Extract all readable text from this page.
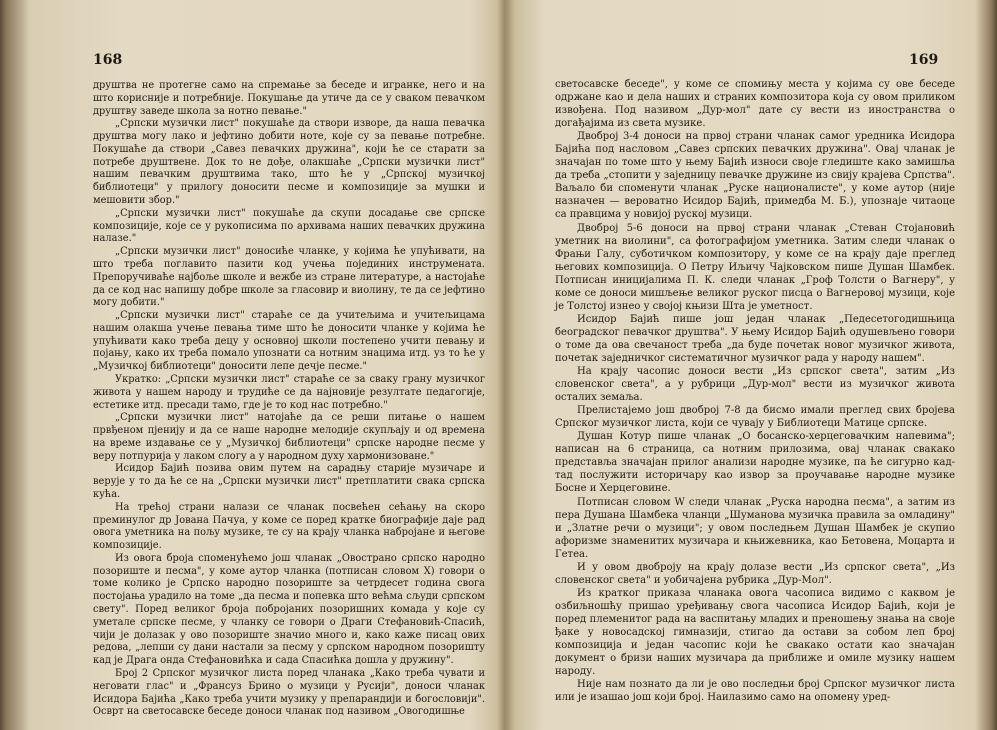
168

друштва не протегне само на спремање за беседе и игранке, него и на што корисније и потребније. Покушање да утиче да се у сваком певачком друштву заведе школа за нотно певање."

„Српски музички лист" покушаће да створи изворе, да наша певачка друштва могу лако и јефтино добити ноте, које су за певање потребне. Покушаће да створи „Савез певачких дружина", који ће се старати за потребе друштвене. Док то не дође, олакшаће „Српски музички лист" нашим певачким друштвима тако, што ће у „Српској музичкој библиотеци" у прилогу доносити песме и композиције за мушки и мешовити збор."

„Српски музички лист" покушаће да скупи досадање све српске композиције, које се у рукописима по архивама наших певачких дружина налазе."

„Српски музички лист" доносиће чланке, у којима ће упућивати, на што треба поглавито пазити код учења појединих инструмената. Препоручиваће најбоље школе и вежбе из стране литературе, а настојаће да се код нас напишу добре школе за гласовир и виолину, те да се јефтино могу добити."

„Српски музички лист" стараће се да учитељима и учитељицама нашим олакша учење певања тиме што ће доносити чланке у којима ће упућивати како треба децу у основној школи постепено учити певању и појању, како их треба помало упознати са нотним знацима итд. уз то ће у „Музичкој библиотеци" доносити лепе дечје песме."

Укратко: „Српски музички лист" стараће се за сваку грану музичког живота у нашем народу и трудиће се да најновије резултате педагогије, естетике итд. пресади тамо, где је то код нас потребно."

„Српски музички лист" натојаће да се реши питање о нашем првђеном пјенију и да се наше народне мелодије скупљају и од времена на време издавање се у „Музичкој библиотеци" српске народне песме у веру потпурија у лаком слогу а у народном духу хармонизоване."

Исидор Бајић позива овим путем на сарадњу старије музичаре и верује у то да ће се на „Српски музички лист" претплатити свака српска кућа.

На трећој страни налази се чланак посвећен сећању на скоро преминулог др Јована Пачуа, у коме се поред кратке биографије даје рад овога уметника на пољу музике, те су на крају чланка набројане и његове композиције.

Из овога броја споменућемо још чланак „Овострано српско народно позориште и песма", у коме аутор чланка (потписан словом X) говори о томе колико је Српско народно позориште за четрдесет година свога постојања урадило на томе „да песма и попевка што већма сљуди српском свету". Поред великог броја побројаних позоришних комада у које су уметале српске песме, у чланку се говори о Драги Стефановић-Спасић, чији је долазак у ово позориште значио много и, како каже писац ових редова, „лепши су дани настали за песму у српском народном позоришту кад је Драга онда Стефановићка и сада Спасићка дошла у дружину".

Број 2 Српског музичког листа поред чланака „Како треба чувати и неговати глас" и „Франсуз Брино о музици у Русији", доноси чланак Исидора Бајића „Како треба учити музику у препарандији и богословији". Осврт на светосавске беседе доноси чланак под називом „Овогодишње

169

светосавске беседе", у коме се спомињу места у којима су ове беседе одржане као и дела наших и страних композитора која су овом приликом извођена. Под називом „Дур-мол" дате су вести из иностранства о догађајима из света музике.

Двоброј 3-4 доноси на првој страни чланак самог уредника Исидора Бајића под насловом „Савез српских певачких дружина". Овај чланак је значајан по томе што у њему Бајић износи своје гледиште како замишља да треба „стопити у заједницу певачке дружине из свију крајева Српства". Ваљало би споменути чланак „Руске националисте", у коме аутор (није назначен — вероватно Исидор Бајић, примедба М. Б.), упознаје читаоце са правцима у новијој руској музици.

Двоброј 5-6 доноси на првој страни чланак „Стеван Стојановић уметник на виолини", са фотографијом уметника. Затим следи чланак о Фрањи Галу, суботичком композитору, у коме се на крају даје преглед његових композиција. О Петру Иљичу Чајковском пише Душан Шамбек. Потписан иницијалима П. К. следи чланак „Гроф Толсти о Вагнеру", у коме се доноси мишљење великог руског писца о Вагнеровој музици, које је Толстој изнео у својој књизи Шта је уметност.

Исидор Бајић пише још један чланак „Педесетогодишњица београдског певачког друштва". У њему Исидор Бајић одушевљено говори о томе да ова свечаност треба „да буде почетак новог музичког живота, почетак заједничког систематичног музичког рада у народу нашем".

На крају часопис доноси вести „Из српског света", затим „Из словенског света", а у рубрици „Дур-мол" вести из музичког живота осталих земаља.

Прелистајемо још двоброј 7-8 да бисмо имали преглед свих бројева Српског музичког листа, који се чувају у Библиотеци Матице српске.

Душан Котур пише чланак „О босанско-херцеговачким напевима"; написан на 6 страница, са нотним прилозима, овај чланак свакако представља значајан прилог анализи народне музике, па ће сигурно кад-тад послужити историчару као извор за проучавање народне музике Босне и Херцеговине.

Потписан словом W следи чланак „Руска народна песма", а затим из пера Душана Шамбека чланци „Шумановa музичка правила за омладину" и „Златне речи о музици"; у овом последњем Душан Шамбек је скупио афоризме знаменитих музичара и књижевника, као Бетовена, Моцарта и Гетеа.

И у овом двоброју на крају долазе вести „Из српског света", „Из словенског света" и уобичајена рубрика „Дур-Мол".

Из кратког приказа чланака овога часописа видимо с каквом је озбиљношћу пришао уређивању свога часописа Исидор Бајић, који је поред племенитог рада на васпитању младих и преношењу знања на своје ђаке у новосадској гимназији, стигао да остави за собом леп број композиција и један часопис који ће свакако остати као значајан документ о бризи наших музичара да приближе и омиле музику нашем народу.

Није нам познато да ли је ово последњи број Српског музичког листа или је изашао још који број. Наилазимо само на опомену уред-
